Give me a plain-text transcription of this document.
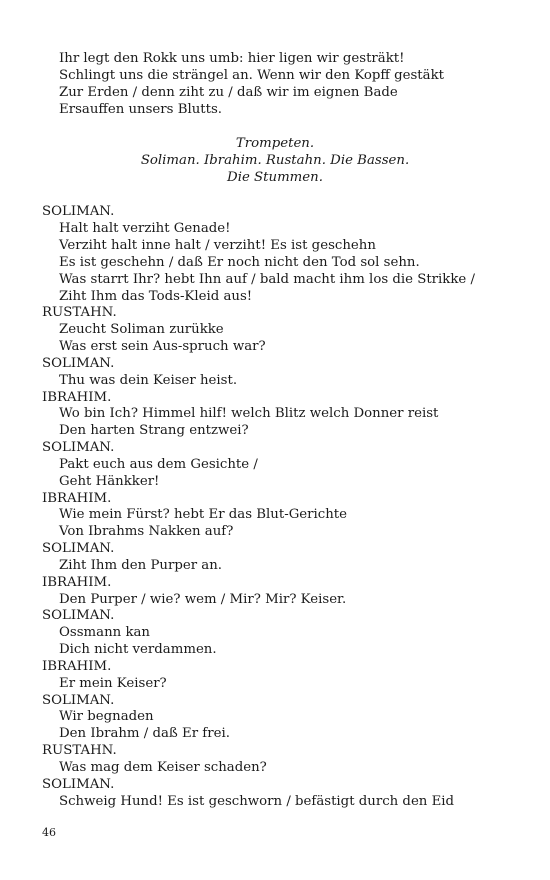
Ihr legt den Rokk uns umb: hier ligen wir gesträkt!
Schlingt uns die strängel an. Wenn wir den Kopff gestäkt
Zur Erden / denn ziht zu / daß wir im eignen Bade
Ersauffen unsers Blutts.
Trompeten.
Soliman. Ibrahim. Rustahn. Die Bassen.
Die Stummen.
SOLIMAN.
Halt halt verziht Genade!
Verziht halt inne halt / verziht! Es ist geschehn
Es ist geschehn / daß Er noch nicht den Tod sol sehn.
Was starrt Ihr? hebt Ihn auf / bald macht ihm los die Strikke /
Ziht Ihm das Tods-Kleid aus!
RUSTAHN.
Zeucht Soliman zurükke
Was erst sein Aus-spruch war?
SOLIMAN.
Thu was dein Keiser heist.
IBRAHIM.
Wo bin Ich? Himmel hilf! welch Blitz welch Donner reist
Den harten Strang entzwei?
SOLIMAN.
Pakt euch aus dem Gesichte /
Geht Hänkker!
IBRAHIM.
Wie mein Fürst? hebt Er das Blut-Gerichte
Von Ibrahms Nakken auf?
SOLIMAN.
Ziht Ihm den Purper an.
IBRAHIM.
Den Purper / wie? wem / Mir? Mir? Keiser.
SOLIMAN.
Ossmann kan
Dich nicht verdammen.
IBRAHIM.
Er mein Keiser?
SOLIMAN.
Wir begnaden
Den Ibrahm / daß Er frei.
RUSTAHN.
Was mag dem Keiser schaden?
SOLIMAN.
Schweig Hund! Es ist geschworn / befästigt durch den Eid
46
